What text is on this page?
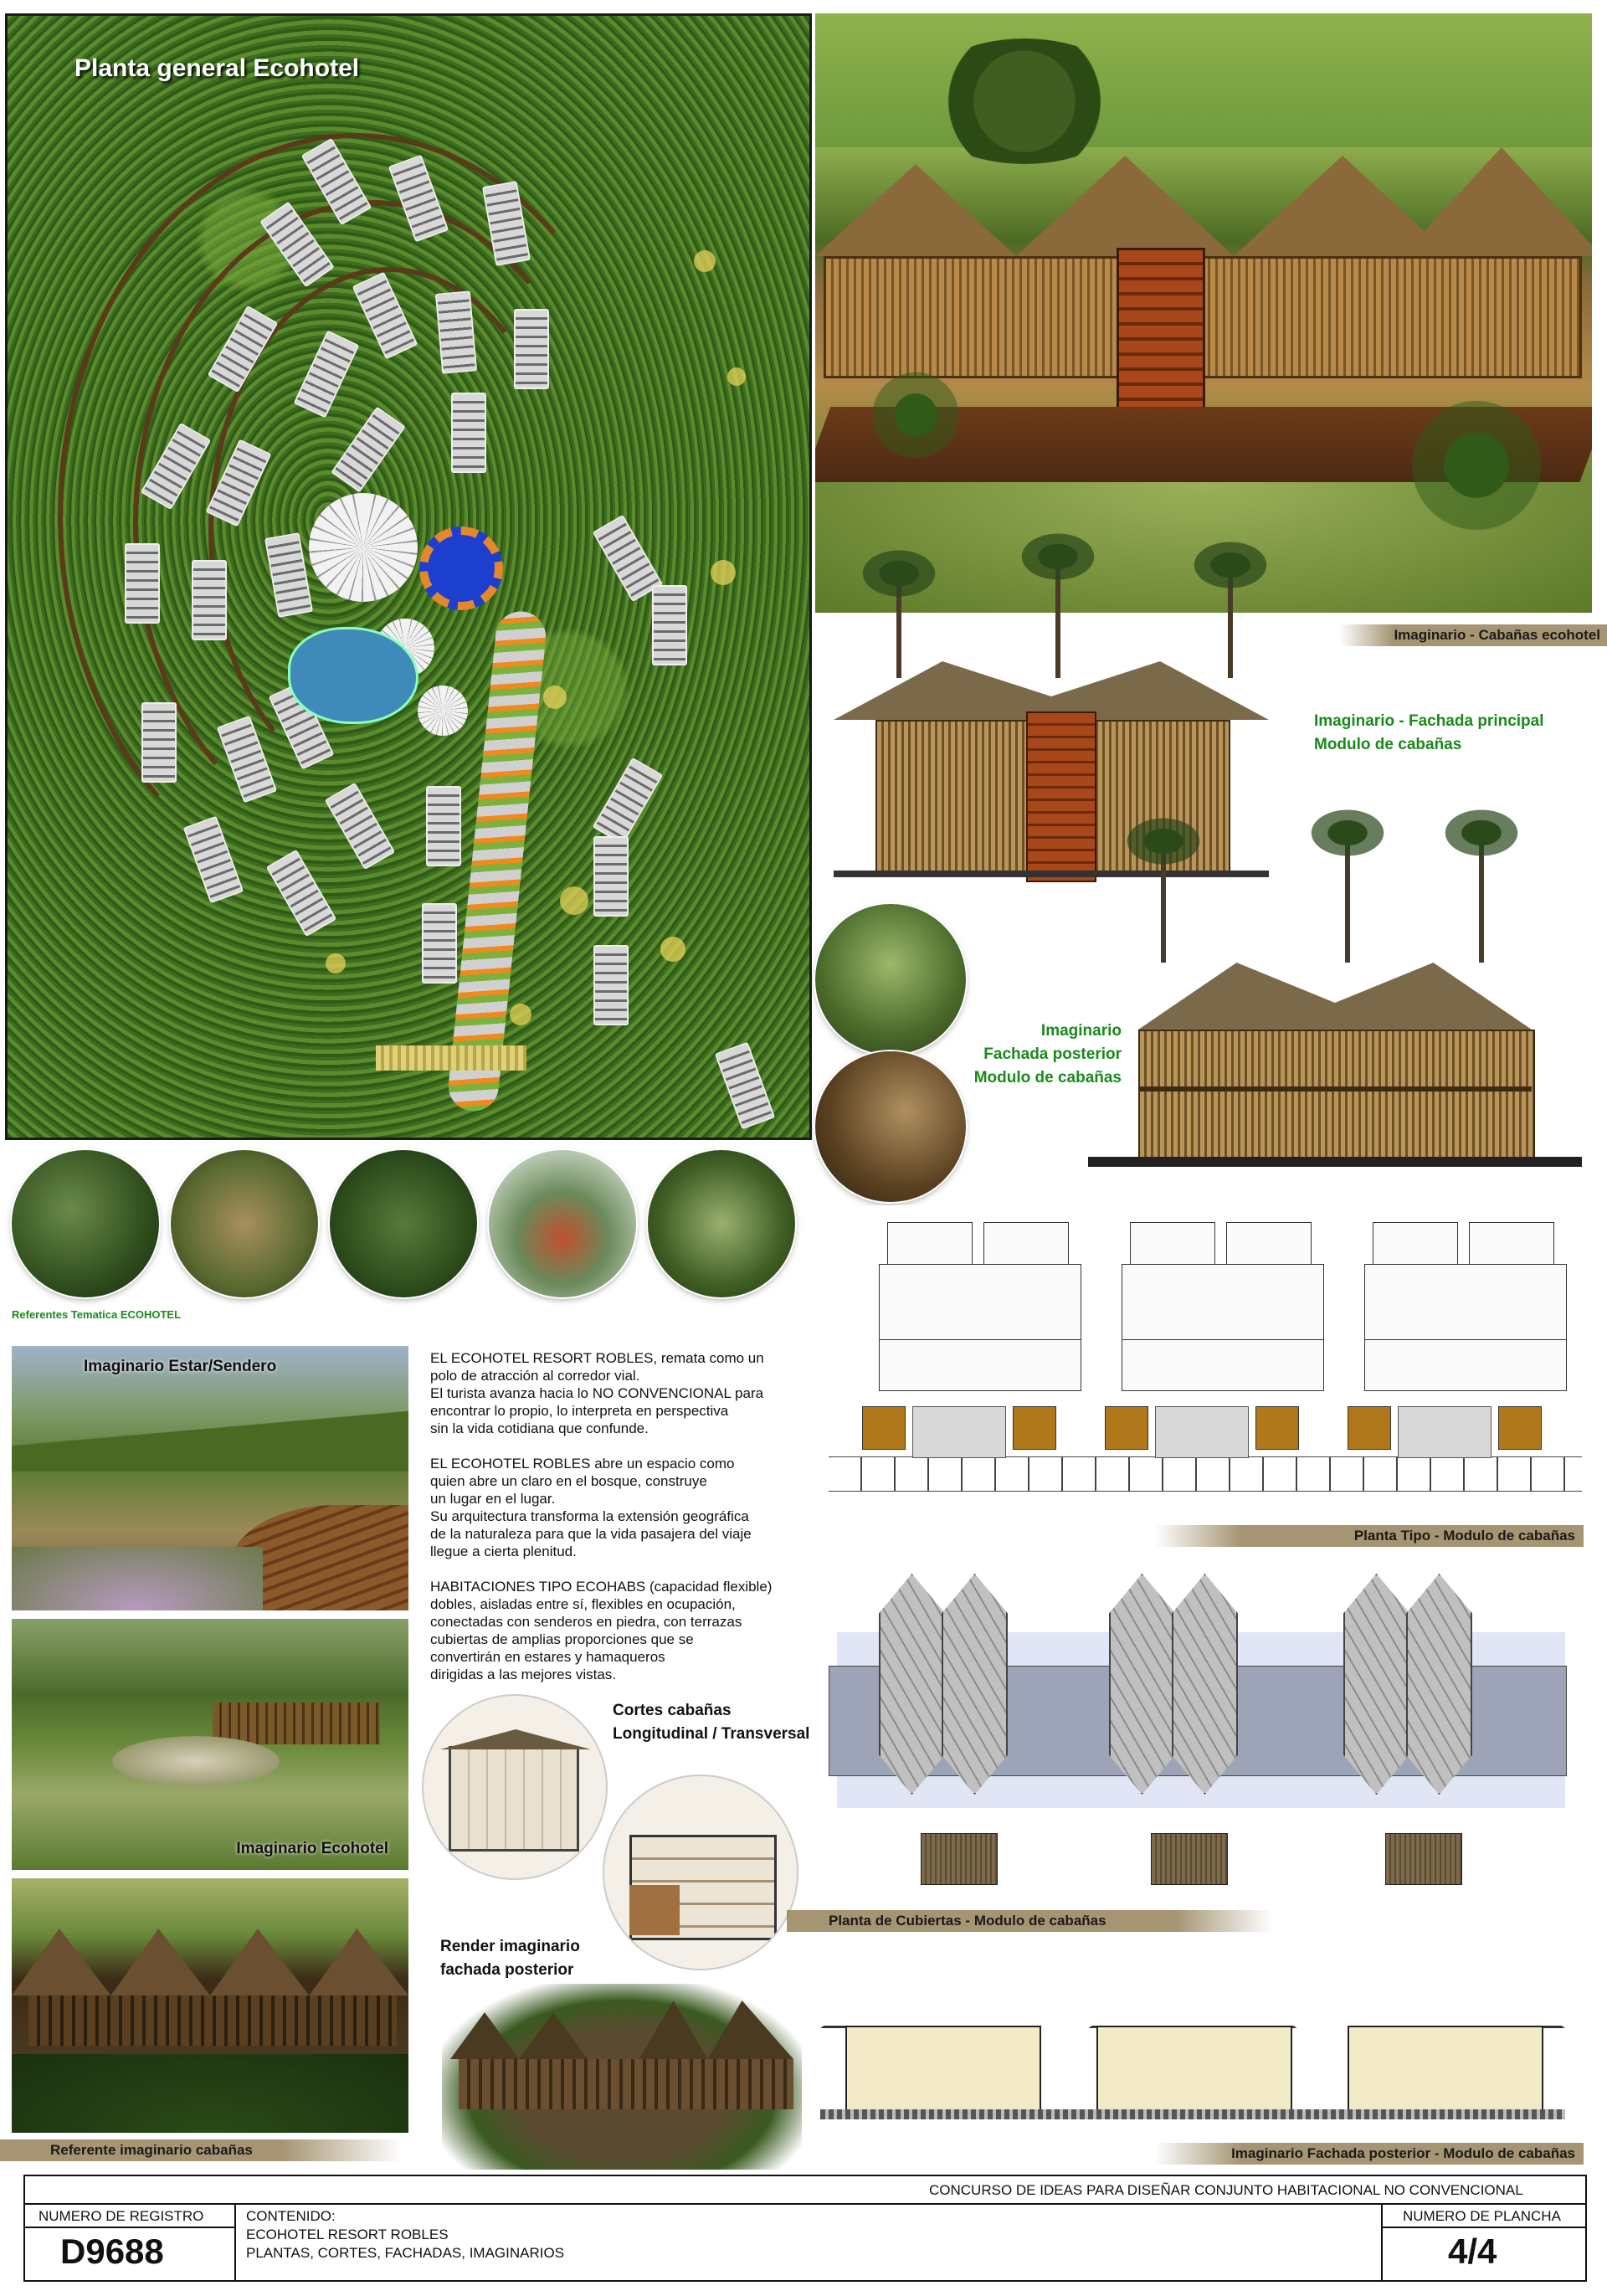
Planta general Ecohotel
Imaginario - Cabañas ecohotel
Imaginario - Fachada principal
Modulo de cabañas
Imaginario
Fachada posterior
Modulo de cabañas
Referentes Tematica ECOHOTEL
Imaginario Estar/Sendero
Imaginario Ecohotel
Referente imaginario cabañas
EL ECOHOTEL RESORT ROBLES, remata como un
polo de atracción al corredor vial.
El turista avanza hacia lo NO CONVENCIONAL para
encontrar lo propio, lo interpreta en perspectiva
sin la vida cotidiana que confunde.
EL ECOHOTEL ROBLES abre un espacio como
quien abre un claro en el bosque, construye
un lugar en el lugar.
Su arquitectura transforma la extensión geográfica
de la naturaleza para que la vida pasajera del viaje
llegue a cierta plenitud.
HABITACIONES TIPO ECOHABS (capacidad flexible)
dobles, aisladas entre sí, flexibles en ocupación,
conectadas con senderos en piedra, con terrazas
cubiertas de amplias proporciones que se
convertirán en estares y hamaqueros
dirigidas a las mejores vistas.
Cortes cabañas
Longitudinal / Transversal
Render imaginario
fachada posterior
Planta Tipo - Modulo de cabañas
Planta de Cubiertas - Modulo de cabañas
Imaginario Fachada posterior - Modulo de cabañas
CONCURSO DE IDEAS PARA DISEÑAR CONJUNTO HABITACIONAL NO CONVENCIONAL
NUMERO DE REGISTRO
D9688
CONTENIDO:
ECOHOTEL RESORT ROBLES
PLANTAS, CORTES, FACHADAS, IMAGINARIOS
NUMERO DE PLANCHA
4/4
